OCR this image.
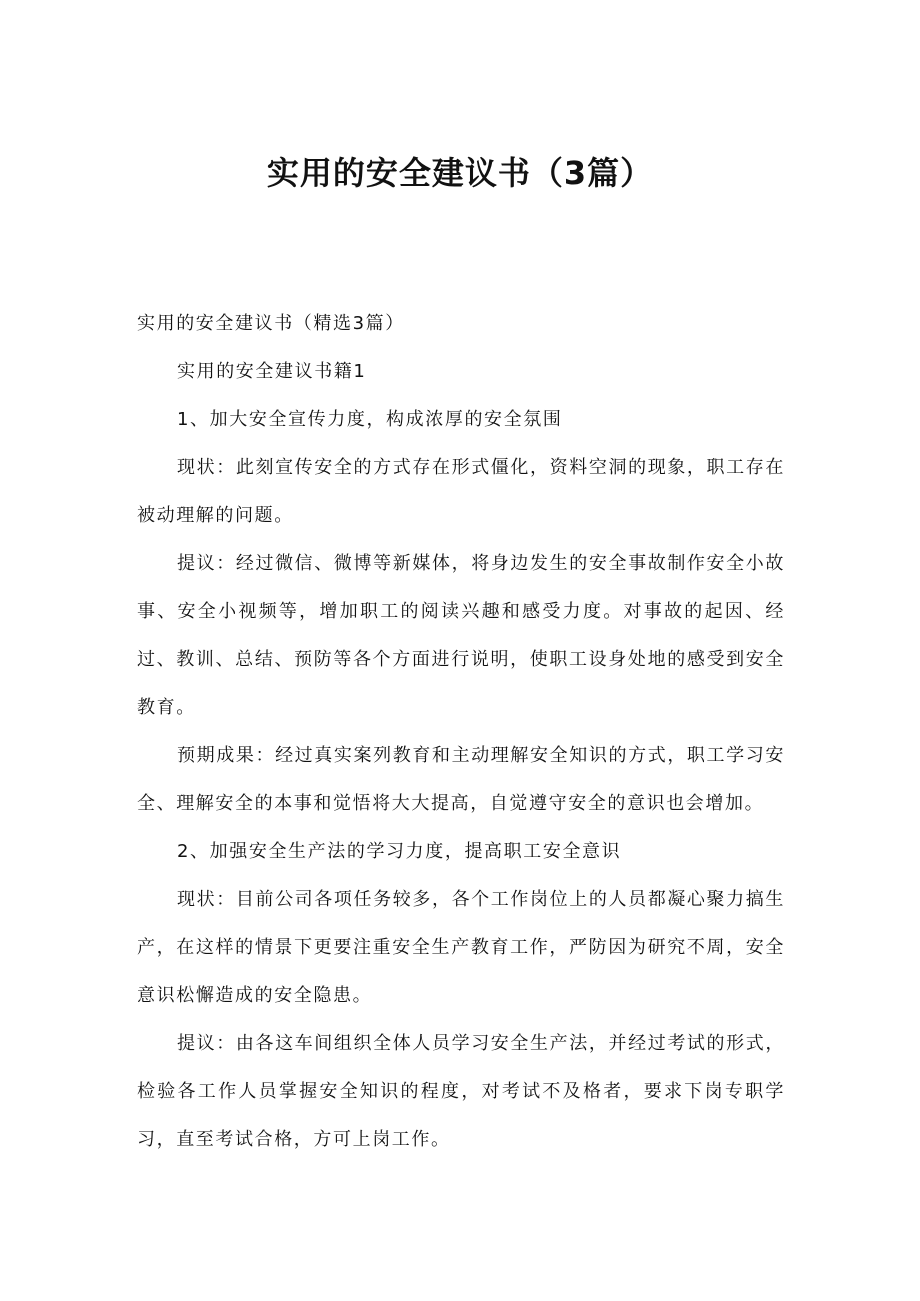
实用的安全建议书（3篇）

实用的安全建议书（精选3篇）

实用的安全建议书籍1

1、加大安全宣传力度，构成浓厚的安全氛围

现状：此刻宣传安全的方式存在形式僵化，资料空洞的现象，职工存在被动理解的问题。

提议：经过微信、微博等新媒体，将身边发生的安全事故制作安全小故事、安全小视频等，增加职工的阅读兴趣和感受力度。对事故的起因、经过、教训、总结、预防等各个方面进行说明，使职工设身处地的感受到安全教育。

预期成果：经过真实案列教育和主动理解安全知识的方式，职工学习安全、理解安全的本事和觉悟将大大提高，自觉遵守安全的意识也会增加。

2、加强安全生产法的学习力度，提高职工安全意识

现状：目前公司各项任务较多，各个工作岗位上的人员都凝心聚力搞生产，在这样的情景下更要注重安全生产教育工作，严防因为研究不周，安全意识松懈造成的安全隐患。

提议：由各这车间组织全体人员学习安全生产法，并经过考试的形式，检验各工作人员掌握安全知识的程度，对考试不及格者，要求下岗专职学习，直至考试合格，方可上岗工作。
